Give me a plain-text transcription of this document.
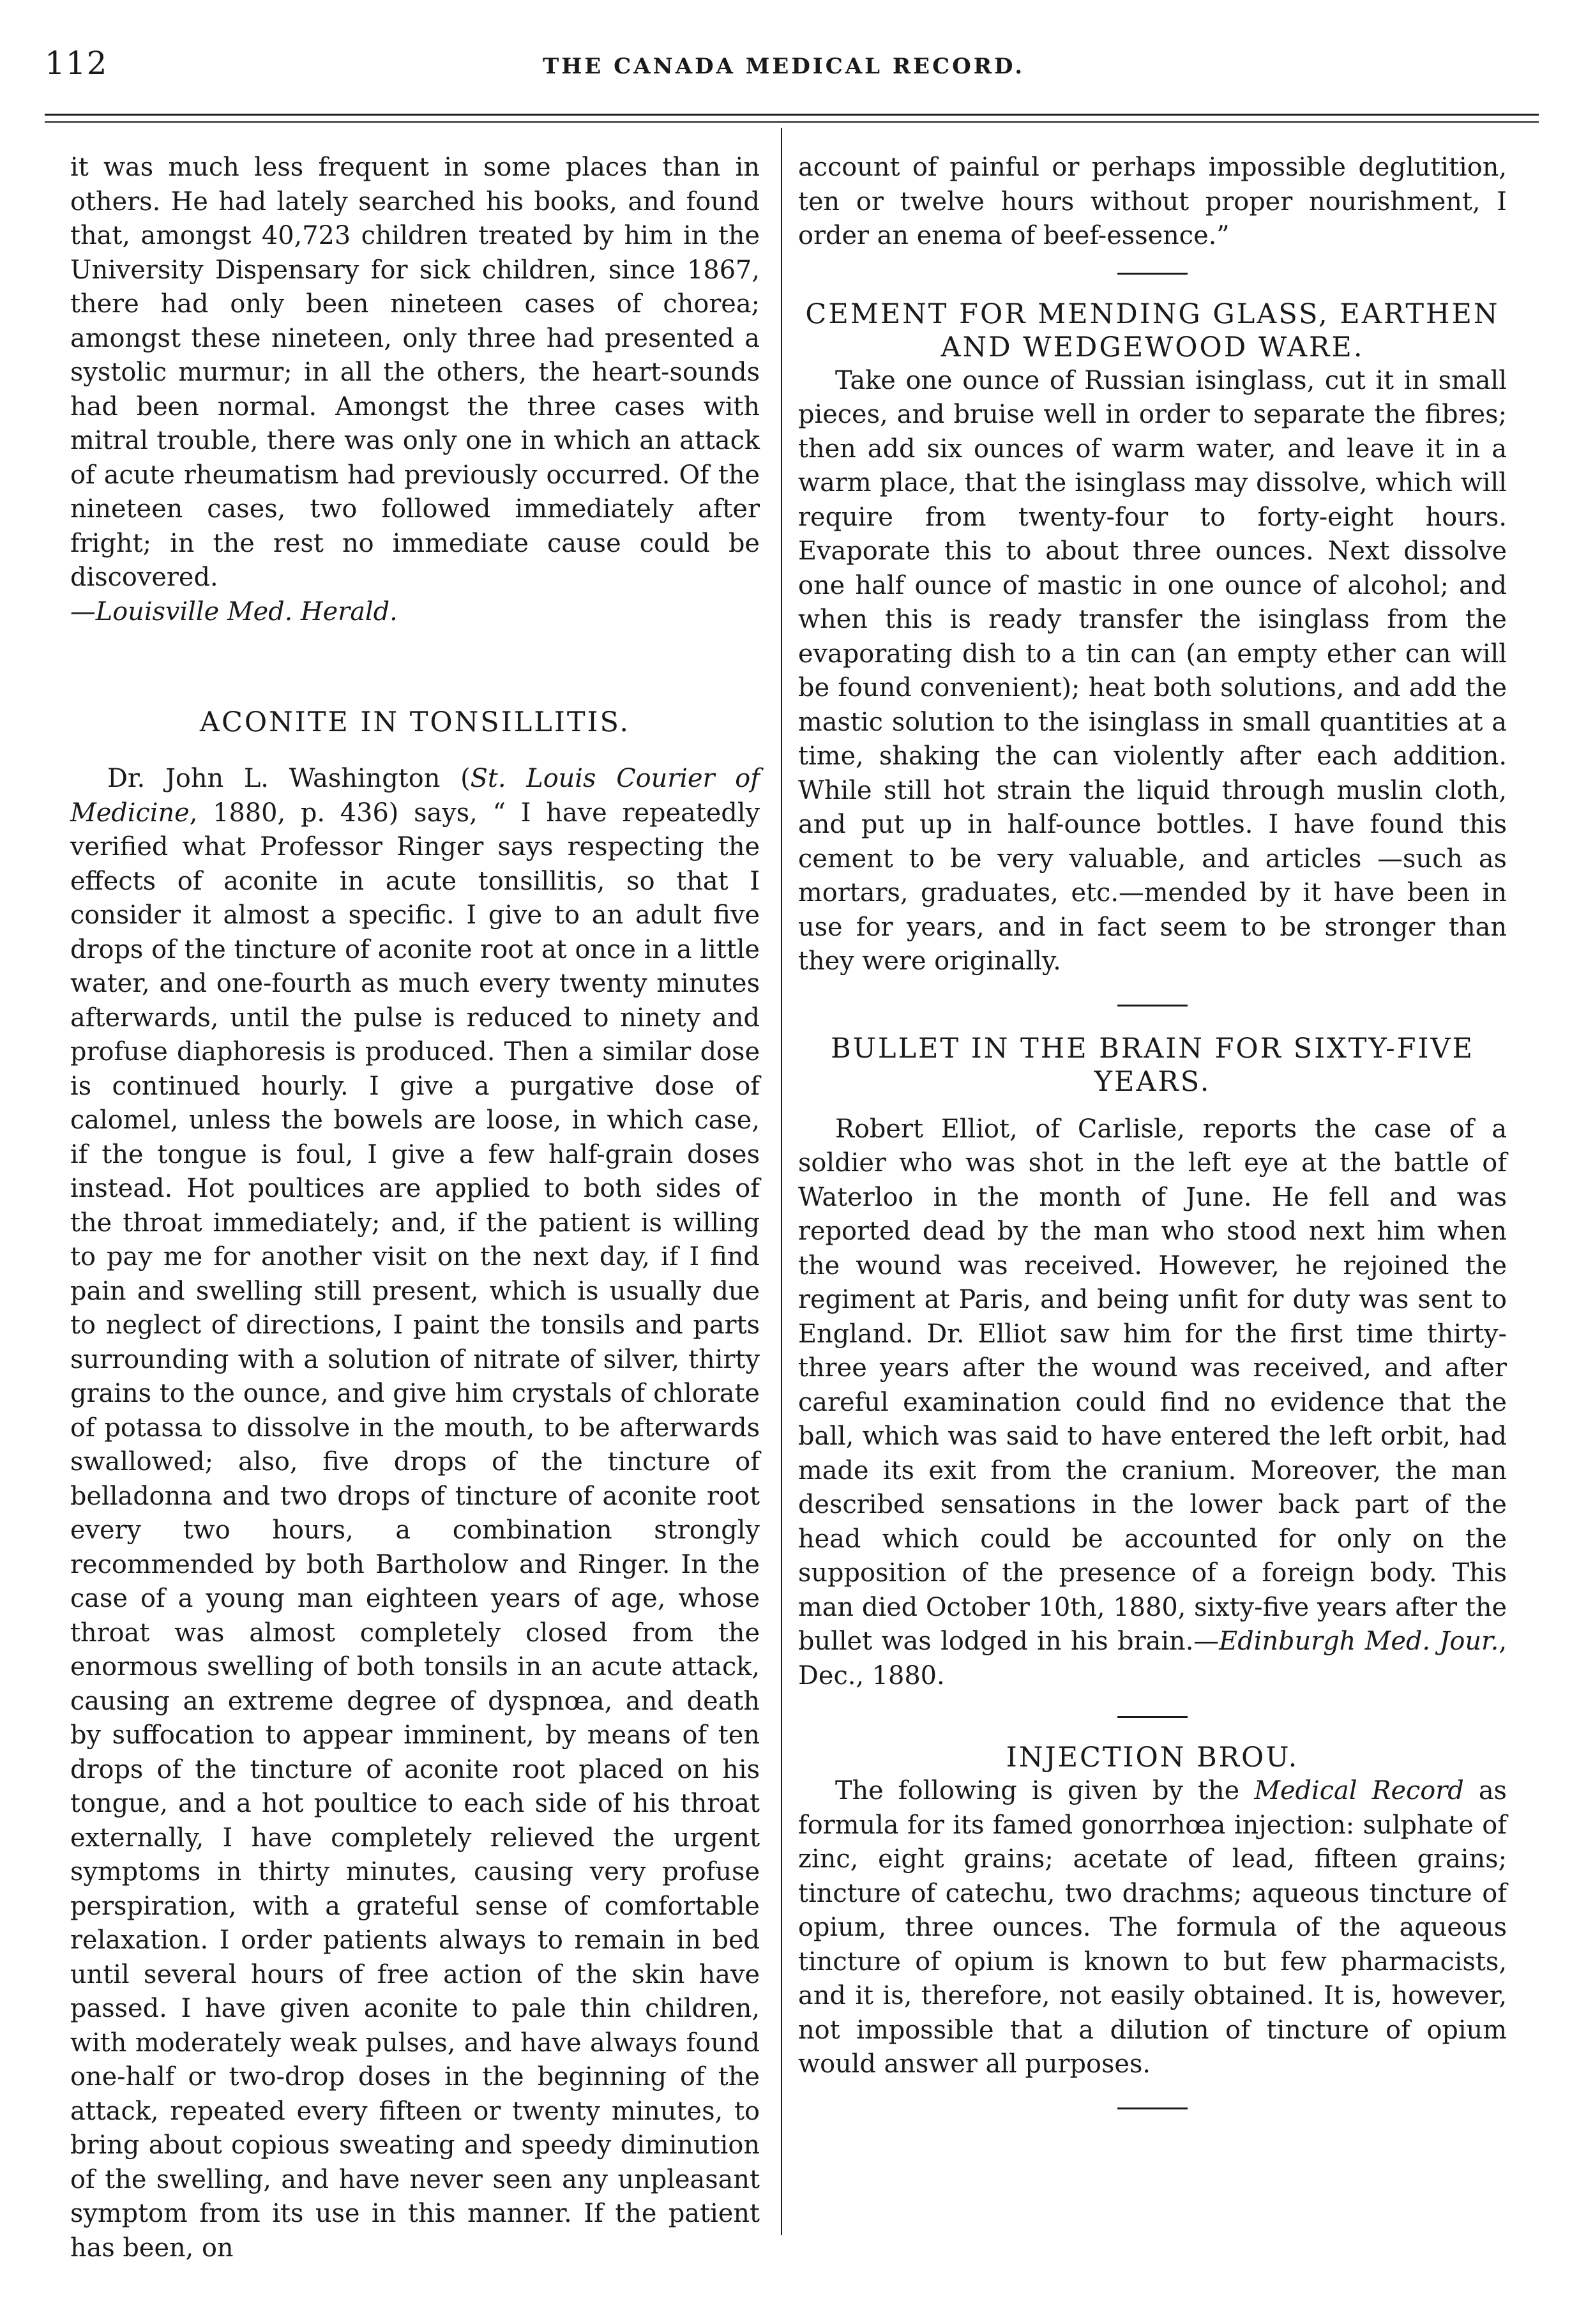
112	THE CANADA MEDICAL RECORD.

it was much less frequent in some places than in others. He had lately searched his books, and found that, amongst 40,723 children treated by him in the University Dispensary for sick children, since 1867, there had only been nineteen cases of chorea; amongst these nineteen, only three had presented a systolic murmur; in all the others, the heart-sounds had been normal. Amongst the three cases with mitral trouble, there was only one in which an attack of acute rheumatism had previously occurred. Of the nineteen cases, two followed immediately after fright; in the rest no immediate cause could be discovered.
—Louisville Med. Herald.

ACONITE IN TONSILLITIS.

Dr. John L. Washington (St. Louis Courier of Medicine, 1880, p. 436) says, “ I have repeatedly verified what Professor Ringer says respecting the effects of aconite in acute tonsillitis, so that I consider it almost a specific. I give to an adult five drops of the tincture of aconite root at once in a little water, and one-fourth as much every twenty minutes afterwards, until the pulse is reduced to ninety and profuse diaphoresis is produced. Then a similar dose is continued hourly. I give a purgative dose of calomel, unless the bowels are loose, in which case, if the tongue is foul, I give a few half-grain doses instead. Hot poultices are applied to both sides of the throat immediately; and, if the patient is willing to pay me for another visit on the next day, if I find pain and swelling still present, which is usually due to neglect of directions, I paint the tonsils and parts surrounding with a solution of nitrate of silver, thirty grains to the ounce, and give him crystals of chlorate of potassa to dissolve in the mouth, to be afterwards swallowed; also, five drops of the tincture of belladonna and two drops of tincture of aconite root every two hours, a combination strongly recommended by both Bartholow and Ringer. In the case of a young man eighteen years of age, whose throat was almost completely closed from the enormous swelling of both tonsils in an acute attack, causing an extreme degree of dyspnœa, and death by suffocation to appear imminent, by means of ten drops of the tincture of aconite root placed on his tongue, and a hot poultice to each side of his throat externally, I have completely relieved the urgent symptoms in thirty minutes, causing very profuse perspiration, with a grateful sense of comfortable relaxation. I order patients always to remain in bed until several hours of free action of the skin have passed. I have given aconite to pale thin children, with moderately weak pulses, and have always found one-half or two-drop doses in the beginning of the attack, repeated every fifteen or twenty minutes, to bring about copious sweating and speedy diminution of the swelling, and have never seen any unpleasant symptom from its use in this manner. If the patient has been, on

account of painful or perhaps impossible deglutition, ten or twelve hours without proper nourishment, I order an enema of beef-essence.”

CEMENT FOR MENDING GLASS, EARTHEN AND WEDGEWOOD WARE.

Take one ounce of Russian isinglass, cut it in small pieces, and bruise well in order to separate the fibres; then add six ounces of warm water, and leave it in a warm place, that the isinglass may dissolve, which will require from twenty-four to forty-eight hours. Evaporate this to about three ounces. Next dissolve one half ounce of mastic in one ounce of alcohol; and when this is ready transfer the isinglass from the evaporating dish to a tin can (an empty ether can will be found convenient); heat both solutions, and add the mastic solution to the isinglass in small quantities at a time, shaking the can violently after each addition. While still hot strain the liquid through muslin cloth, and put up in half-ounce bottles. I have found this cement to be very valuable, and articles —such as mortars, graduates, etc.—mended by it have been in use for years, and in fact seem to be stronger than they were originally.

BULLET IN THE BRAIN FOR SIXTY-FIVE YEARS.

Robert Elliot, of Carlisle, reports the case of a soldier who was shot in the left eye at the battle of Waterloo in the month of June. He fell and was reported dead by the man who stood next him when the wound was received. However, he rejoined the regiment at Paris, and being unfit for duty was sent to England. Dr. Elliot saw him for the first time thirty-three years after the wound was received, and after careful examination could find no evidence that the ball, which was said to have entered the left orbit, had made its exit from the cranium. Moreover, the man described sensations in the lower back part of the head which could be accounted for only on the supposition of the presence of a foreign body. This man died October 10th, 1880, sixty-five years after the bullet was lodged in his brain.—Edinburgh Med. Jour., Dec., 1880.

INJECTION BROU.

The following is given by the Medical Record as formula for its famed gonorrhœa injection: sulphate of zinc, eight grains; acetate of lead, fifteen grains; tincture of catechu, two drachms; aqueous tincture of opium, three ounces. The formula of the aqueous tincture of opium is known to but few pharmacists, and it is, therefore, not easily obtained. It is, however, not impossible that a dilution of tincture of opium would answer all purposes.
